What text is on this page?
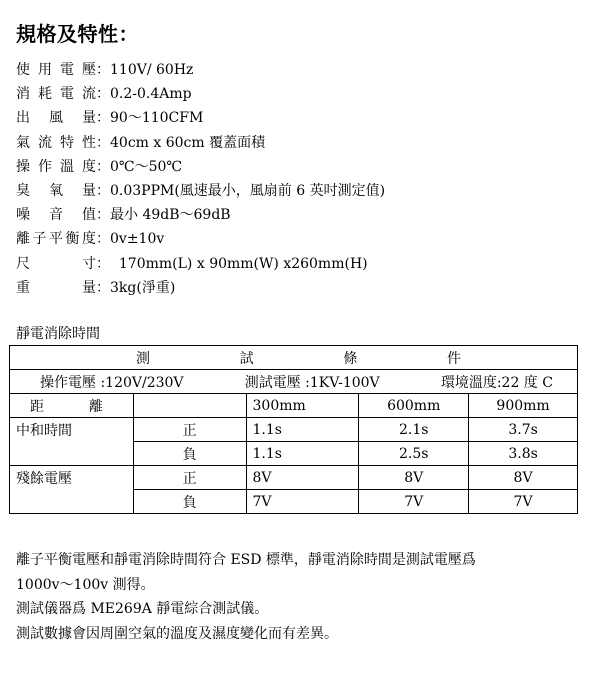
規格及特性：
使用電壓 ： 110V/ 60Hz
消耗電流 ： 0.2-0.4Amp
出 風 量 ： 90～110CFM
氣流特性 ： 40cm x 60cm 覆蓋面積
操作溫度 ： 0℃～50℃
臭 氧 量 ： 0.03PPM(風速最小，風扇前 6 英吋測定值)
噪 音 值 ： 最小 49dB～69dB
離子平衡度 ： 0v±10v
尺　　寸 ： 170mm(L) x 90mm(W) x260mm(H)
重　　量 ： 3kg(淨重)
靜電消除時間
測 試 條 件				

操作電壓 :120V/230V 測試電壓 :1KV-100V 環境溫度:22 度 C				

距 離		300mm	600mm	900mm
中和時間	正	1.1s	2.1s	3.7s
	負	1.1s	2.5s	3.8s
殘餘電壓	正	8V	8V	8V
	負	7V	7V	7V
離子平衡電壓和靜電消除時間符合 ESD 標準，靜電消除時間是測試電壓爲
1000v～100v 測得。
測試儀器爲 ME269A 靜電綜合測試儀。
測試數據會因周圍空氣的溫度及濕度變化而有差異。
